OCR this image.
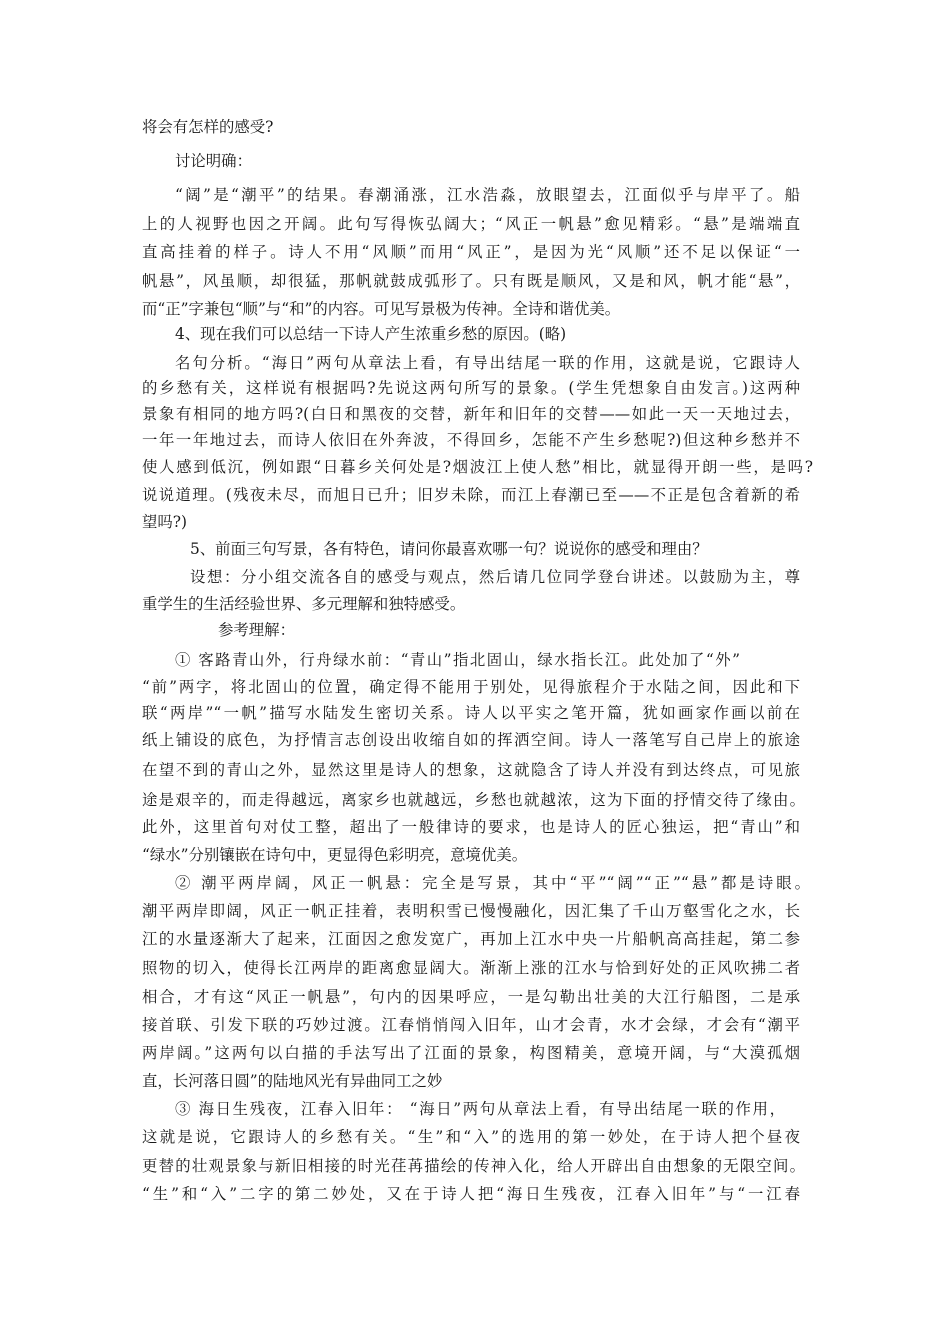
将会有怎样的感受?

讨论明确：

“阔”是“潮平”的结果。春潮涌涨，江水浩淼，放眼望去，江面似乎与岸平了。船

上的人视野也因之开阔。此句写得恢弘阔大；“风正一帆悬”愈见精彩。“悬”是端端直

直高挂着的样子。诗人不用“风顺”而用“风正”，是因为光“风顺”还不足以保证“一

帆悬”，风虽顺，却很猛，那帆就鼓成弧形了。只有既是顺风，又是和风，帆才能“悬”，

而“正”字兼包“顺”与“和”的内容。可见写景极为传神。全诗和谐优美。

4、现在我们可以总结一下诗人产生浓重乡愁的原因。(略)

名句分析。“海日”两句从章法上看，有导出结尾一联的作用，这就是说，它跟诗人

的乡愁有关，这样说有根据吗?先说这两句所写的景象。(学生凭想象自由发言。)这两种

景象有相同的地方吗?(白日和黑夜的交替，新年和旧年的交替——如此一天一天地过去，

一年一年地过去，而诗人依旧在外奔波，不得回乡，怎能不产生乡愁呢?)但这种乡愁并不

使人感到低沉，例如跟“日暮乡关何处是?烟波江上使人愁”相比，就显得开朗一些，是吗?

说说道理。(残夜未尽，而旭日已升；旧岁未除，而江上春潮已至——不正是包含着新的希

望吗?)

5、前面三句写景，各有特色，请问你最喜欢哪一句？说说你的感受和理由？

设想：分小组交流各自的感受与观点，然后请几位同学登台讲述。以鼓励为主，尊

重学生的生活经验世界、多元理解和独特感受。

参考理解：

① 客路青山外，行舟绿水前：“青山”指北固山，绿水指长江。此处加了“外”

“前”两字，将北固山的位置，确定得不能用于别处，见得旅程介于水陆之间，因此和下

联“两岸”“一帆”描写水陆发生密切关系。诗人以平实之笔开篇，犹如画家作画以前在

纸上铺设的底色，为抒情言志创设出收缩自如的挥洒空间。诗人一落笔写自己岸上的旅途

在望不到的青山之外，显然这里是诗人的想象，这就隐含了诗人并没有到达终点，可见旅

途是艰辛的，而走得越远，离家乡也就越远，乡愁也就越浓，这为下面的抒情交待了缘由。

此外，这里首句对仗工整，超出了一般律诗的要求，也是诗人的匠心独运，把“青山”和

“绿水”分别镶嵌在诗句中，更显得色彩明亮，意境优美。

② 潮平两岸阔，风正一帆悬：完全是写景，其中“平”“阔”“正”“悬”都是诗眼。

潮平两岸即阔，风正一帆正挂着，表明积雪已慢慢融化，因汇集了千山万壑雪化之水，长

江的水量逐渐大了起来，江面因之愈发宽广，再加上江水中央一片船帆高高挂起，第二参

照物的切入，使得长江两岸的距离愈显阔大。渐渐上涨的江水与恰到好处的正风吹拂二者

相合，才有这“风正一帆悬”，句内的因果呼应，一是勾勒出壮美的大江行船图，二是承

接首联、引发下联的巧妙过渡。江春悄悄闯入旧年，山才会青，水才会绿，才会有“潮平

两岸阔。”这两句以白描的手法写出了江面的景象，构图精美，意境开阔，与“大漠孤烟

直，长河落日圆”的陆地风光有异曲同工之妙

③ 海日生残夜，江春入旧年： “海日”两句从章法上看，有导出结尾一联的作用，

这就是说，它跟诗人的乡愁有关。“生”和“入”的选用的第一妙处，在于诗人把个昼夜

更替的壮观景象与新旧相接的时光荏苒描绘的传神入化，给人开辟出自由想象的无限空间。

“生”和“入”二字的第二妙处，又在于诗人把“海日生残夜，江春入旧年”与“一江春
